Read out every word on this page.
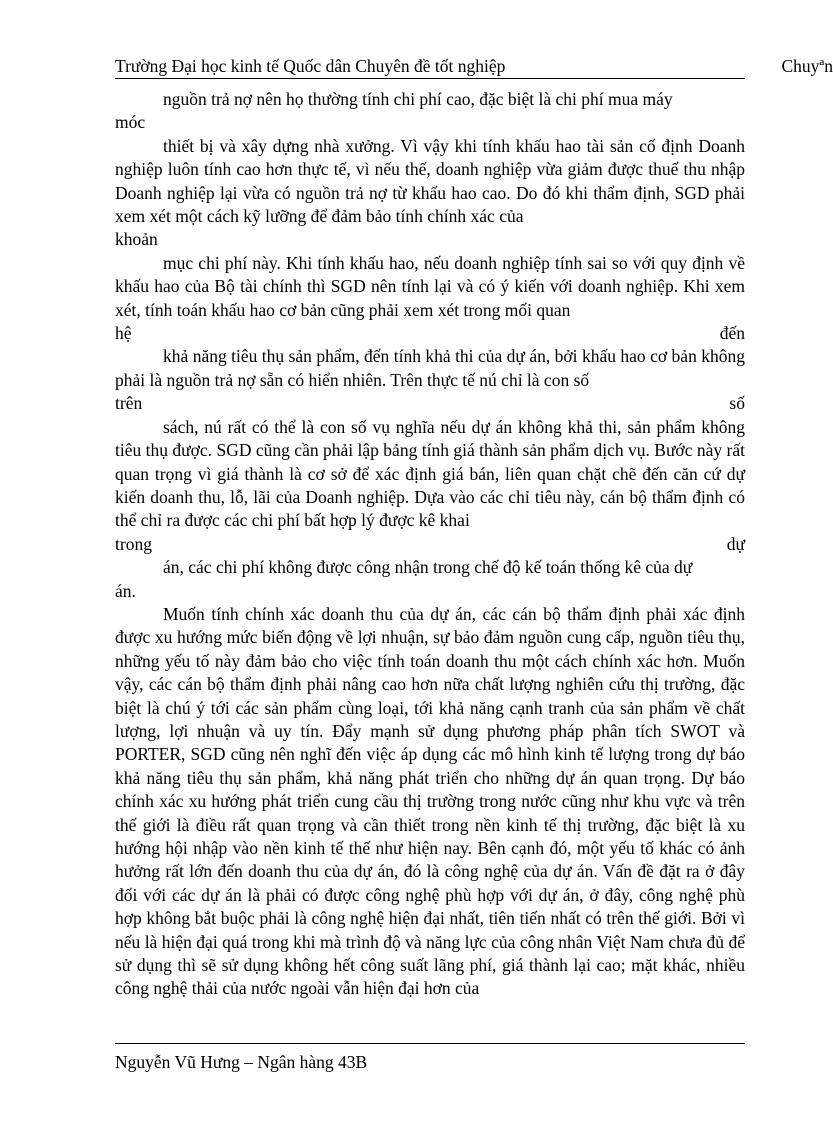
Trường Đại học kinh tế Quốc dân Chuyên đề tốt nghiệp	Chuyªn

nguồn trả nợ nên họ thường tính chi phí cao, đặc biệt là chi phí mua máy

móc

thiết bị và xây dựng nhà xưởng. Vì vậy khi tính khấu hao tài sản cố định Doanh nghiệp luôn tính cao hơn thực tế, vì nếu thế, doanh nghiệp vừa giảm được thuế thu nhập Doanh nghiệp lại vừa có nguồn trả nợ từ khấu hao cao. Do đó khi thẩm định, SGD phải xem xét một cách kỹ lưỡng để đảm bảo tính chính xác của

khoản

mục chi phí này. Khi tính khấu hao, nếu doanh nghiệp tính sai so với quy định về khấu hao của Bộ tài chính thì SGD nên tính lại và có ý kiến với doanh nghiệp. Khi xem xét, tính toán khấu hao cơ bản cũng phải xem xét trong mối quan

hệ đến

khả năng tiêu thụ sản phẩm, đến tính khả thi của dự án, bởi khấu hao cơ bản không phải là nguồn trả nợ sẵn có hiển nhiên. Trên thực tế nú chỉ là con số

trên số

sách, nú rất có thể là con số vụ nghĩa nếu dự án không khả thi, sản phẩm không tiêu thụ được. SGD cũng cần phải lập bảng tính giá thành sản phẩm dịch vụ. Bước này rất quan trọng vì giá thành là cơ sở để xác định giá bán, liên quan chặt chẽ đến căn cứ dự kiến doanh thu, lỗ, lãi của Doanh nghiệp. Dựa vào các chỉ tiêu này, cán bộ thẩm định có thể chỉ ra được các chi phí bất hợp lý được kê khai

trong dự

án, các chi phí không được công nhận trong chế độ kế toán thống kê của dự

án.

Muốn tính chính xác doanh thu của dự án, các cán bộ thẩm định phải xác định được xu hướng mức biến động về lợi nhuận, sự bảo đảm nguồn cung cấp, nguồn tiêu thụ, những yếu tố này đảm bảo cho việc tính toán doanh thu một cách chính xác hơn. Muốn vậy, các cán bộ thẩm định phải nâng cao hơn nữa chất lượng nghiên cứu thị trường, đặc biệt là chú ý tới các sản phẩm cùng loại, tới khả năng cạnh tranh của sản phẩm về chất lượng, lợi nhuận và uy tín. Đẩy mạnh sử dụng phương pháp phân tích SWOT và PORTER, SGD cũng nên nghĩ đến việc áp dụng các mô hình kinh tế lượng trong dự báo khả năng tiêu thụ sản phẩm, khả năng phát triển cho những dự án quan trọng. Dự báo chính xác xu hướng phát triển cung cầu thị trường trong nước cũng như khu vực và trên thế giới là điều rất quan trọng và cần thiết trong nền kinh tế thị trường, đặc biệt là xu hướng hội nhập vào nền kinh tế thế như hiện nay. Bên cạnh đó, một yếu tố khác có ảnh hưởng rất lớn đến doanh thu của dự án, đó là công nghệ của dự án. Vấn đề đặt ra ở đây đối với các dự án là phải có được công nghệ phù hợp với dự án, ở đây, công nghệ phù hợp không bắt buộc phải là công nghệ hiện đại nhất, tiên tiến nhất có trên thế giới. Bởi vì nếu là hiện đại quá trong khi mà trình độ và năng lực của công nhân Việt Nam chưa đủ để sử dụng thì sẽ sử dụng không hết công suất lãng phí, giá thành lại cao; mặt khác, nhiều công nghệ thải của nước ngoài vẫn hiện đại hơn của

Nguyễn Vũ Hưng – Ngân hàng 43B
